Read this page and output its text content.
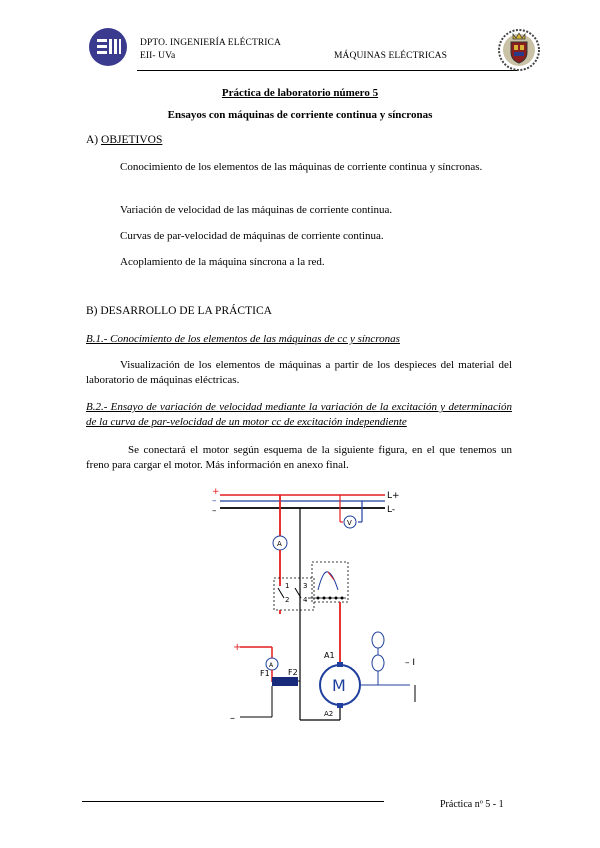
DPTO. INGENIERÍA ELÉCTRICA
EII- UVa	MÁQUINAS ELÉCTRICAS
Práctica de laboratorio número 5
Ensayos con máquinas de corriente continua y síncronas
A) OBJETIVOS
Conocimiento de los elementos de las máquinas de corriente continua y síncronas.
Variación de velocidad de las máquinas de corriente continua.
Curvas de par-velocidad de máquinas de corriente continua.
Acoplamiento de la máquina síncrona a la red.
B) DESARROLLO DE LA PRÁCTICA
B.1.- Conocimiento de los elementos de las máquinas de cc y síncronas
Visualización de los elementos de máquinas a partir de los despieces del material del laboratorio de máquinas eléctricas.
B.2.- Ensayo de variación de velocidad mediante la variación de la excitación y determinación de la curva de par-velocidad de un motor cc de excitación independiente
Se conectará el motor según esquema de la siguiente figura, en el que tenemos un freno para cargar el motor. Más información en anexo final.
+
–
–
L+
L-
V
A
1
2
3
4
M
A1
A2
– I
+
A
F1 F2
–
Práctica nº 5 - 1
